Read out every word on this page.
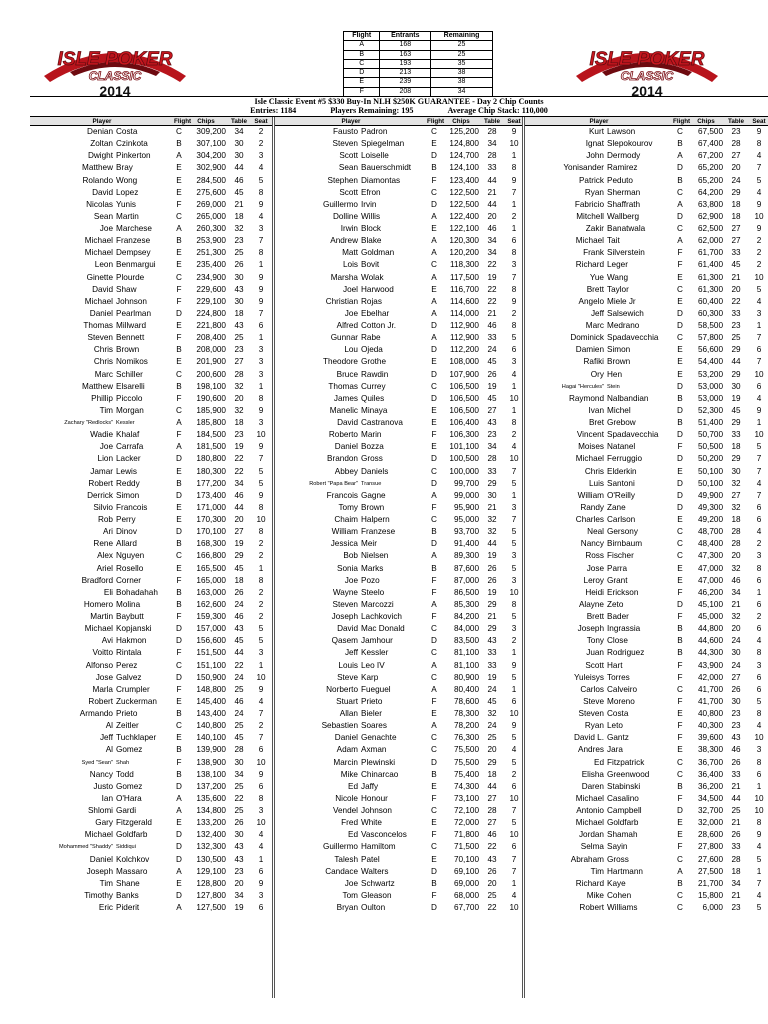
ISLE POKER
CLASSIC
2014
ISLE POKER
CLASSIC
2014
Flight	Entrants	Remaining
A	168	25
B	163	25
C	193	35
D	213	38
E	239	38
F	208	34
Isle Classic Event #5 $330 Buy-In NLH $250K GUARANTEE - Day 2 Chip Counts
Entries: 1184	Players Remaining: 195	Average Chip Stack: 110,000
Player	Flight Chips	Table	Seat
Denian Costa	C	309,200	34	2
Zoltan Czinkota	B	307,100	30	2
Dwight Pinkerton	A	304,200	30	3
Matthew Bray	E	302,900	44	4
Rolando Wong	E	284,500	46	5
David Lopez	E	275,600	45	8
Nicolas Yunis	F	269,000	21	9
Sean Martin	C	265,000	18	4
Joe Marchese	A	260,300	32	3
Michael Franzese	B	253,900	23	7
Michael Dempsey	E	251,300	25	8
Leon Benmargui	E	235,400	26	1
Ginette Plourde	C	234,900	30	9
David Shaw	F	229,600	43	9
Michael Johnson	F	229,100	30	9
Daniel Pearlman	D	224,800	18	7
Thomas Millward	E	221,800	43	6
Steven Bennett	F	208,400	25	1
Chris Brown	B	208,000	23	3
Chris Nomikos	E	201,900	27	3
Marc Schiller	C	200,600	28	3
Matthew Elsarelli	B	198,100	32	1
Phillip Piccolo	F	190,600	20	8
Tim Morgan	C	185,900	32	9
Zachary "Redlocks" Kessler	A	185,800	18	3
Wadie Khalaf	F	184,500	23	10
Joe Carrafa	A	181,500	19	9
Lion Lacker	D	180,800	22	7
Jamar Lewis	E	180,300	22	5
Robert Reddy	B	177,200	34	5
Derrick Simon	D	173,400	46	9
Silvio Francois	E	171,000	44	8
Rob Perry	E	170,300	20	10
Ari Dinov	D	170,100	27	8
Rene Allard	B	168,300	19	2
Alex Nguyen	C	166,800	29	2
Ariel Rosello	E	165,500	45	1
Bradford Corner	F	165,000	18	8
Eli Bohadahah	B	163,000	26	2
Homero Molina	B	162,600	24	2
Martin Baybutt	F	159,300	46	2
Michael Kopjanski	D	157,000	43	5
Avi Hakmon	D	156,600	45	5
Voitto Rintala	F	151,500	44	3
Alfonso Perez	C	151,100	22	1
Jose Galvez	D	150,900	24	10
Marla Crumpler	F	148,800	25	9
Robert Zuckerman	E	145,400	46	4
Armando Prieto	B	143,400	24	7
Al Zeitler	C	140,800	25	2
Jeff Tuchklaper	E	140,100	45	7
Al Gomez	B	139,900	28	6
Syed "Sean" Shah	F	138,900	30	10
Nancy Todd	B	138,100	34	9
Justo Gomez	D	137,200	25	6
Ian O'Hara	A	135,600	22	8
Shlomi Gardi	A	134,800	25	3
Gary Fitzgerald	E	133,200	26	10
Michael Goldfarb	D	132,400	30	4
Mohammed "Shaddy" Siddiqui	D	132,300	43	4
Daniel Kolchkov	D	130,500	43	1
Joseph Massaro	A	129,100	23	6
Tim Shane	E	128,800	20	9
Timothy Banks	D	127,800	34	3
Eric Piderit	A	127,500	19	6
Player	Flight	Chips	Table	Seat
Fausto Padron	C	125,200	28	9
Steven Spiegelman	E	124,800	34	10
Scott Loiselle	D	124,700	28	1
Sean Bauerschmidt	B	124,100	33	8
Stephen Diamontas	F	123,400	44	9
Scott Efron	C	122,500	21	7
Guillermo Irvin	D	122,500	44	1
Dolline Willis	A	122,400	20	2
Irwin Block	E	122,100	46	1
Andrew Blake	A	120,300	34	6
Matt Goldman	A	120,200	34	8
Lois Bovit	C	118,300	22	3
Marsha Wolak	A	117,500	19	7
Joel Harwood	E	116,700	22	8
Christian Rojas	A	114,600	22	9
Joe Ebelhar	A	114,000	21	2
Alfred Cotton Jr.	D	112,900	46	8
Gunnar Rabe	A	112,900	33	5
Lou Ojeda	D	112,200	24	6
Theodore Grothe	E	108,000	45	3
Bruce Rawdin	D	107,900	26	4
Thomas Currey	C	106,500	19	1
James Quiles	D	106,500	45	10
Manelic Minaya	E	106,500	27	1
David Castranova	E	106,400	43	8
Roberto Marin	F	106,300	23	2
Daniel Bozza	E	101,100	34	4
Brandon Gross	D	100,500	28	10
Abbey Daniels	C	100,000	33	7
Robert "Papa Bear" Transue	D	99,700	29	5
Francois Gagne	A	99,000	30	1
Tomy Brown	F	95,900	21	3
Chaim Halpern	C	95,000	32	7
William Franzese	B	93,700	32	5
Jessica Meir	D	91,400	44	5
Bob Nielsen	A	89,300	19	3
Sonia Marks	B	87,600	26	5
Joe Pozo	F	87,000	26	3
Wayne Steelo	F	86,500	19	10
Steven Marcozzi	A	85,300	29	8
Joseph Lachkovich	F	84,200	21	5
David Mac Donald	C	84,000	29	3
Qasem Jamhour	D	83,500	43	2
Jeff Kessler	C	81,100	33	1
Louis Leo IV	A	81,100	33	9
Steve Karp	C	80,900	19	5
Norberto Fueguel	A	80,400	24	1
Stuart Prieto	F	78,600	45	6
Allan Bieler	E	78,300	32	10
Sebastien Soares	A	78,200	24	9
Daniel Genachte	C	76,300	25	5
Adam Axman	C	75,500	20	4
Marcin Plewinski	D	75,500	29	5
Mike Chinarcao	B	75,400	18	2
Ed Jaffy	E	74,300	44	6
Nicole Honour	F	73,100	27	10
Vendel Johnson	C	72,100	28	7
Fred White	E	72,000	27	5
Ed Vasconcelos	F	71,800	46	10
Guillermo Hamiltom	C	71,500	22	6
Talesh Patel	E	70,100	43	7
Candace Walters	D	69,100	26	7
Joe Schwartz	B	69,000	20	1
Tom Gleason	F	68,000	25	4
Bryan Oulton	D	67,700	22	10
Player	Flight	Chips	Table	Seat
Kurt Lawson	C	67,500	23	9
Ignat Slepokourov	B	67,400	28	8
John Dermody	A	67,200	27	4
Yonisander Ramirez	D	65,200	20	7
Patrick Peduto	B	65,200	24	5
Ryan Sherman	C	64,200	29	4
Fabricio Shaffrath	A	63,800	18	9
Mitchell Wallberg	D	62,900	18	10
Zakir Banatwala	C	62,500	27	9
Michael Tait	A	62,000	27	2
Frank Silverstein	F	61,700	33	2
Richard Leger	F	61,400	45	2
Yue Wang	E	61,300	21	10
Brett Taylor	C	61,300	20	5
Angelo Miele Jr	E	60,400	22	4
Jeff Salsewich	D	60,300	33	3
Marc Medrano	D	58,500	23	1
Dominick Spadavecchia	C	57,800	25	7
Damien Simon	E	56,600	29	6
Rafiki Brown	E	54,400	44	7
Ory Hen	E	53,200	29	10
Hagai "Hercules" Stein	D	53,000	30	6
Raymond Nalbandian	B	53,000	19	4
Ivan Michel	D	52,300	45	9
Bret Grebow	B	51,400	29	1
Vincent Spadavecchia	D	50,700	33	10
Moises Natanel	F	50,500	18	5
Michael Ferruggio	D	50,200	29	7
Chris Elderkin	E	50,100	30	7
Luis Santoni	D	50,100	32	4
William O'Reilly	D	49,900	27	7
Randy Zane	D	49,300	32	6
Charles Carlson	E	49,200	18	6
Neal Gersony	C	48,700	28	4
Nancy Birnbaum	C	48,400	28	2
Ross Fischer	C	47,300	20	3
Jose Parra	E	47,000	32	8
Leroy Grant	E	47,000	46	6
Heidi Erickson	F	46,200	34	1
Alayne Zeto	D	45,100	21	6
Brett Bader	F	45,000	32	2
Joseph Ingrassia	B	44,800	20	6
Tony Close	B	44,600	24	4
Juan Rodriguez	B	44,300	30	8
Scott Hart	F	43,900	24	3
Yuleisys Torres	F	42,000	27	6
Carlos Calveiro	C	41,700	26	6
Steve Moreno	F	41,700	30	5
Steven Costa	E	40,800	23	8
Ryan Leto	F	40,300	23	4
David L. Gantz	F	39,600	43	10
Andres Jara	E	38,300	46	3
Ed Fitzpatrick	C	36,700	26	8
Elisha Greenwood	C	36,400	33	6
Daren Stabinski	B	36,200	21	1
Michael Casalino	F	34,500	44	10
Antonio Campbell	D	32,700	25	10
Michael Goldfarb	E	32,000	21	8
Jordan Shamah	E	28,600	26	9
Selma Sayin	F	27,800	33	4
Abraham Gross	C	27,600	28	5
Tim Hartmann	A	27,500	18	1
Richard Kaye	B	21,700	34	7
Mike Cohen	C	15,800	21	4
Robert Williams	C	6,000	23	5
